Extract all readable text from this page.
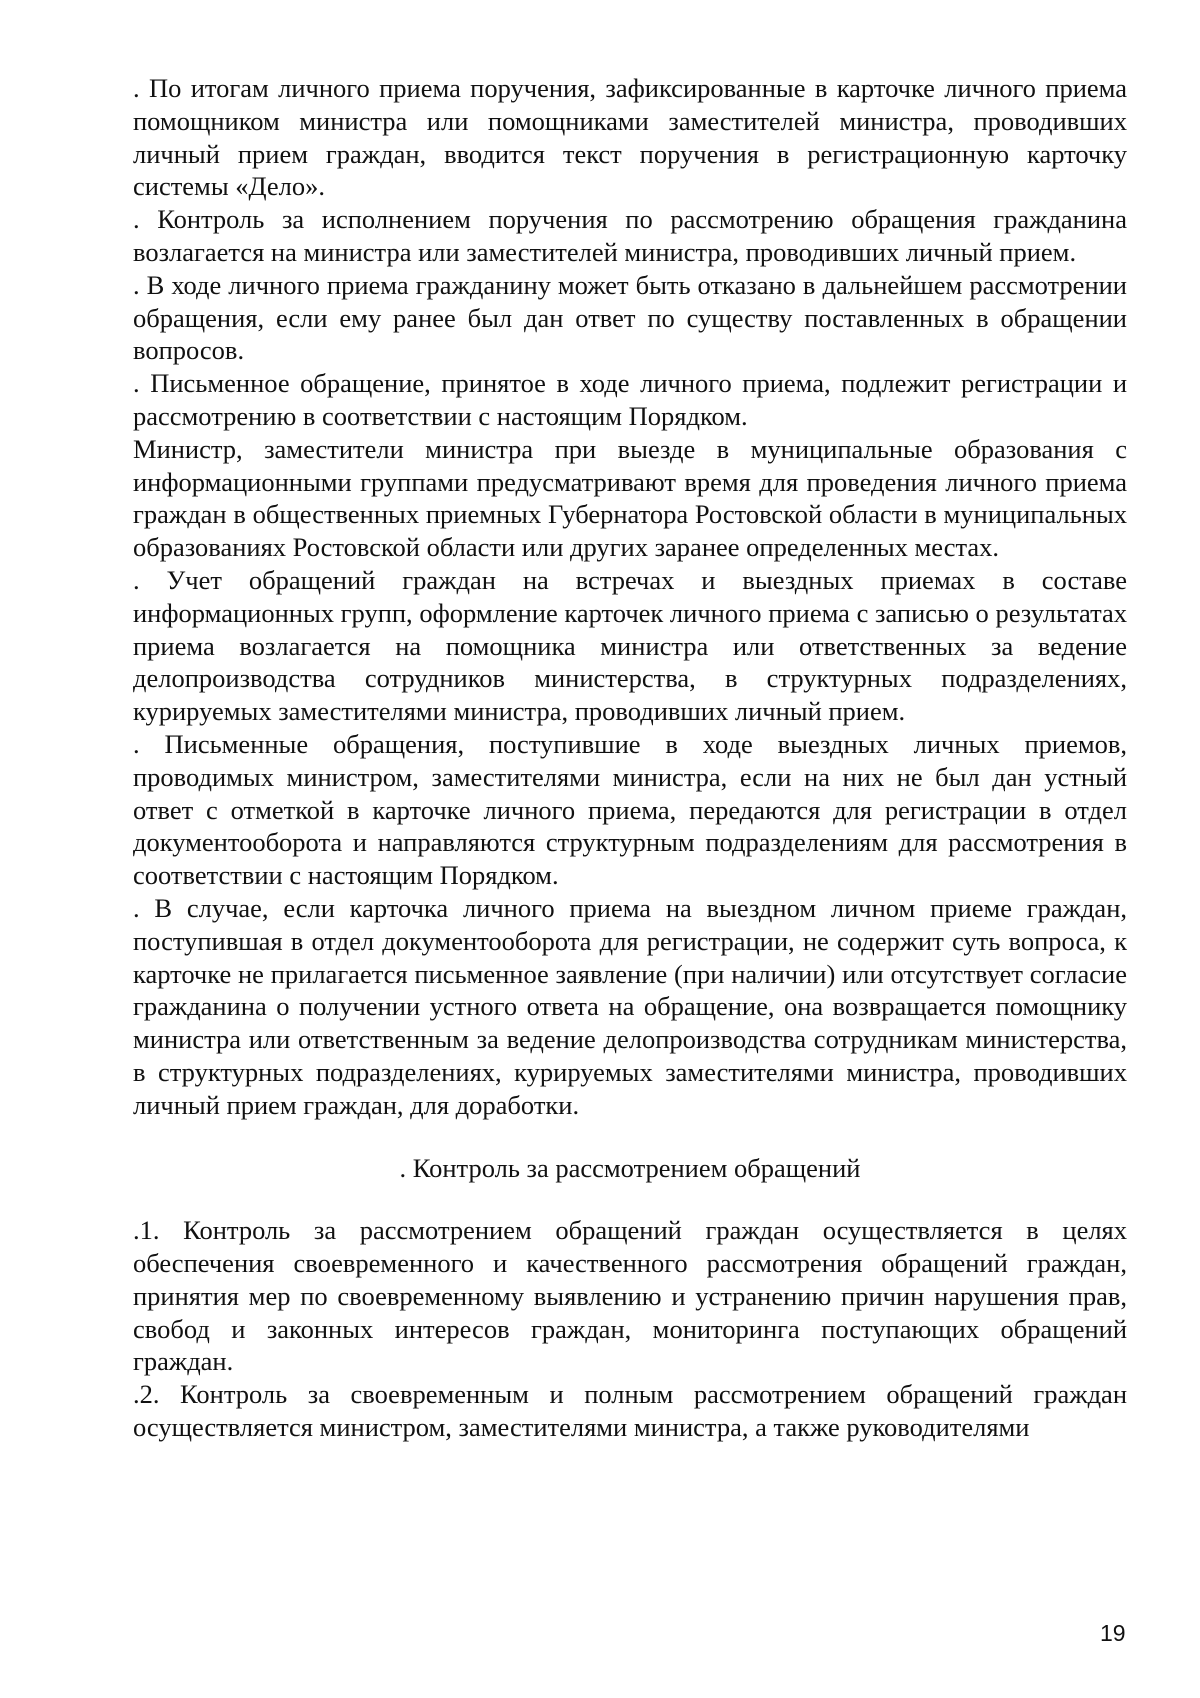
. По итогам личного приема поручения, зафиксированные в карточке личного приема помощником министра или помощниками заместителей министра, проводивших личный прием граждан, вводится текст поручения в регистрационную карточку системы «Дело».

. Контроль за исполнением поручения по рассмотрению обращения гражданина возлагается на министра или заместителей министра, проводивших личный прием.

. В ходе личного приема гражданину может быть отказано в дальнейшем рассмотрении обращения, если ему ранее был дан ответ по существу поставленных в обращении вопросов.

. Письменное обращение, принятое в ходе личного приема, подлежит регистрации и рассмотрению в соответствии с настоящим Порядком.

Министр, заместители министра при выезде в муниципальные образования с информационными группами предусматривают время для проведения личного приема граждан в общественных приемных Губернатора Ростовской области в муниципальных образованиях Ростовской области или других заранее определенных местах.

. Учет обращений граждан на встречах и выездных приемах в составе информационных групп, оформление карточек личного приема с записью о результатах приема возлагается на помощника министра или ответственных за ведение делопроизводства сотрудников министерства, в структурных подразделениях, курируемых заместителями министра, проводивших личный прием.

. Письменные обращения, поступившие в ходе выездных личных приемов, проводимых министром, заместителями министра, если на них не был дан устный ответ с отметкой в карточке личного приема, передаются для регистрации в отдел документооборота и направляются структурным подразделениям для рассмотрения в соответствии с настоящим Порядком.

. В случае, если карточка личного приема на выездном личном приеме граждан, поступившая в отдел документооборота для регистрации, не содержит суть вопроса, к карточке не прилагается письменное заявление (при наличии) или отсутствует согласие гражданина о получении устного ответа на обращение, она возвращается помощнику министра или ответственным за ведение делопроизводства сотрудникам министерства, в структурных подразделениях, курируемых заместителями министра, проводивших личный прием граждан, для доработки.

. Контроль за рассмотрением обращений

.1. Контроль за рассмотрением обращений граждан осуществляется в целях обеспечения своевременного и качественного рассмотрения обращений граждан, принятия мер по своевременному выявлению и устранению причин нарушения прав, свобод и законных интересов граждан, мониторинга поступающих обращений граждан.

.2. Контроль за своевременным и полным рассмотрением обращений граждан осуществляется министром, заместителями министра, а также руководителями

19
